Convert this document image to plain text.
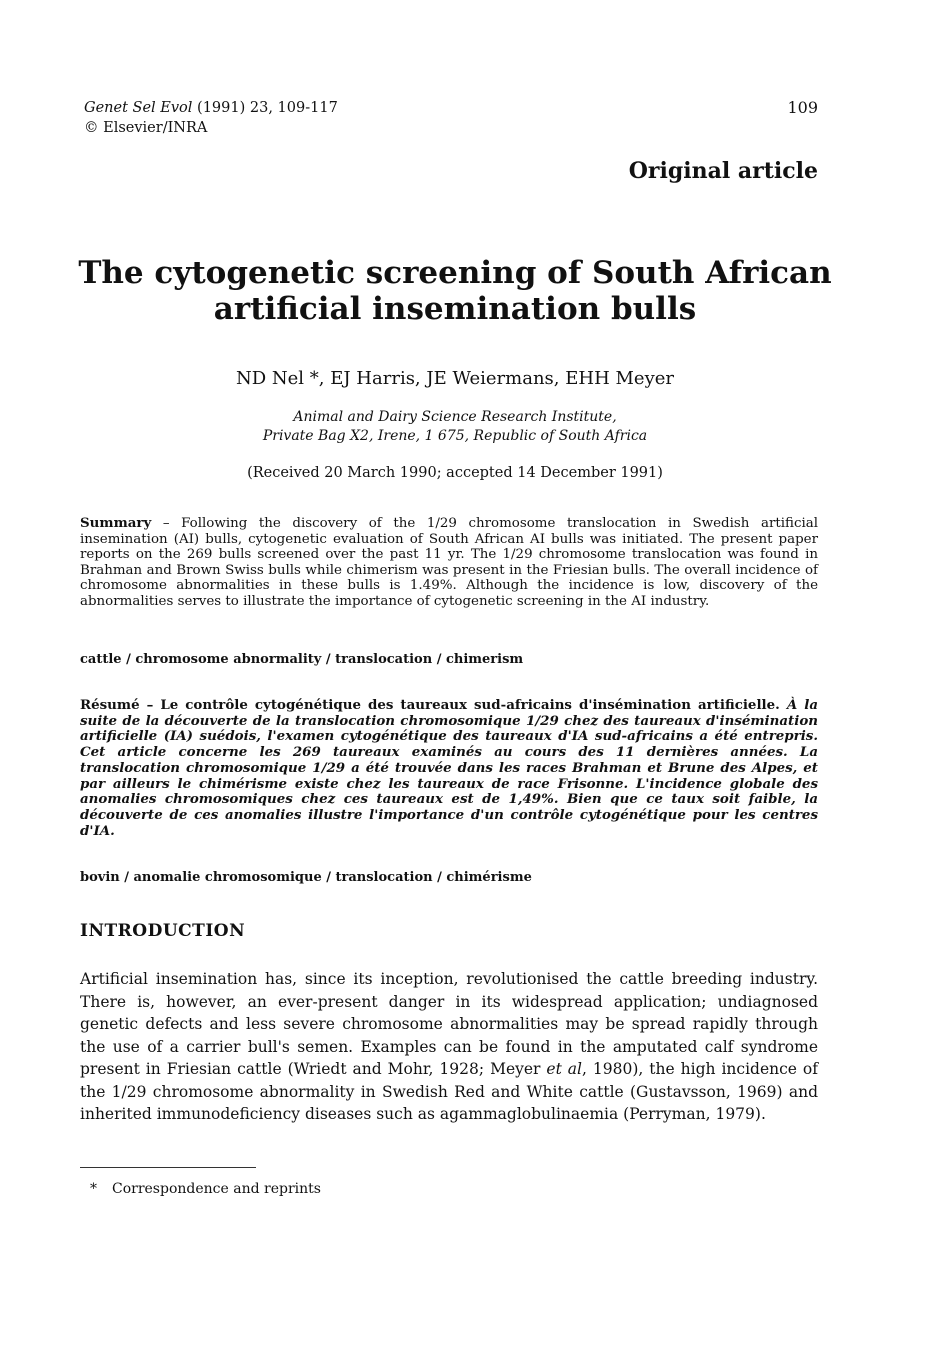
Genet Sel Evol (1991) 23, 109-117
© Elsevier/INRA
109
Original article
The cytogenetic screening of South African
artificial insemination bulls
ND Nel *, EJ Harris, JE Weiermans, EHH Meyer
Animal and Dairy Science Research Institute,
Private Bag X2, Irene, 1 675, Republic of South Africa
(Received 20 March 1990; accepted 14 December 1991)
Summary – Following the discovery of the 1/29 chromosome translocation in Swedish artificial insemination (AI) bulls, cytogenetic evaluation of South African AI bulls was initiated. The present paper reports on the 269 bulls screened over the past 11 yr. The 1/29 chromosome translocation was found in Brahman and Brown Swiss bulls while chimerism was present in the Friesian bulls. The overall incidence of chromosome abnormalities in these bulls is 1.49%. Although the incidence is low, discovery of the abnormalities serves to illustrate the importance of cytogenetic screening in the AI industry.
cattle / chromosome abnormality / translocation / chimerism
Résumé – Le contrôle cytogénétique des taureaux sud-africains d'insémination artificielle. À la suite de la découverte de la translocation chromosomique 1/29 chez des taureaux d'insémination artificielle (IA) suédois, l'examen cytogénétique des taureaux d'IA sud-africains a été entrepris. Cet article concerne les 269 taureaux examinés au cours des 11 dernières années. La translocation chromosomique 1/29 a été trouvée dans les races Brahman et Brune des Alpes, et par ailleurs le chimérisme existe chez les taureaux de race Frisonne. L'incidence globale des anomalies chromosomiques chez ces taureaux est de 1,49%. Bien que ce taux soit faible, la découverte de ces anomalies illustre l'importance d'un contrôle cytogénétique pour les centres d'IA.
bovin / anomalie chromosomique / translocation / chimérisme
INTRODUCTION
Artificial insemination has, since its inception, revolutionised the cattle breeding industry. There is, however, an ever-present danger in its widespread application; undiagnosed genetic defects and less severe chromosome abnormalities may be spread rapidly through the use of a carrier bull's semen. Examples can be found in the amputated calf syndrome present in Friesian cattle (Wriedt and Mohr, 1928; Meyer et al, 1980), the high incidence of the 1/29 chromosome abnormality in Swedish Red and White cattle (Gustavsson, 1969) and inherited immunodeficiency diseases such as agammaglobulinaemia (Perryman, 1979).
* Correspondence and reprints
